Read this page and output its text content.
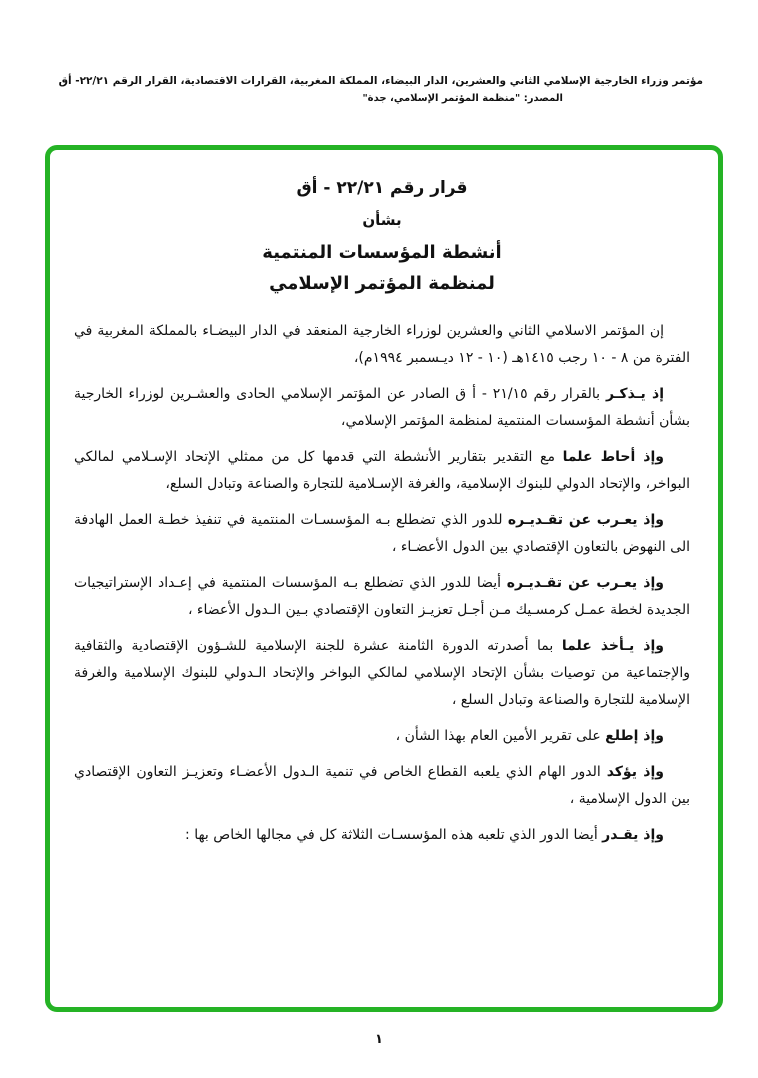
مؤتمر وزراء الخارجية الإسلامي الثاني والعشرين، الدار البيضاء، المملكة المغربية، القرارات الاقتصادية، القرار الرقم ٢٢/٢١- أق
المصدر: "منظمة المؤتمر الإسلامي، جدة"
قرار رقم ٢٢/٢١ - أق
بشأن
أنشطة المؤسسات المنتمية
لمنظمة المؤتمر الإسلامي

إن المؤتمر الاسلامي الثاني والعشرين لوزراء الخارجية المنعقد في الدار البيضـاء بالمملكة المغربية في الفترة من ٨ - ١٠ رجب ١٤١٥هـ (١٠ - ١٢ ديـسمبر ١٩٩٤م)،

إذ يـذكـر بالقرار رقم ٢١/١٥ - أ ق الصادر عن المؤتمر الإسلامي الحادى والعشـرين لوزراء الخارجية بشأن أنشطة المؤسسات المنتمية لمنظمة المؤتمر الإسلامي،

وإذ أحاط علما مع التقدير بتقارير الأنشطة التي قدمها كل من ممثلي الإتحاد الإسـلامي لمالكي البواخر، والإتحاد الدولي للبنوك الإسلامية، والغرفة الإسـلامية للتجارة والصناعة وتبادل السلع،

وإذ يعـرب عن تقـديـره للدور الذي تضطلع بـه المؤسسـات المنتمية في تنفيذ خطـة العمل الهادفة الى النهوض بالتعاون الإقتصادي بين الدول الأعضـاء ،

وإذ يعـرب عن تقـديـره أيضا للدور الذي تضطلع بـه المؤسسات المنتمية في إعـداد الإستراتيجيات الجديدة لخطة عمـل كرمسـيك مـن أجـل تعزيـز التعاون الإقتصادي بـين الـدول الأعضاء ،

وإذ يـأخذ علما بما أصدرته الدورة الثامنة عشرة للجنة الإسلامية للشـؤون الإقتصادية والثقافية والإجتماعية من توصيات بشأن الإتحاد الإسلامي لمالكي البواخر والإتحاد الـدولي للبنوك الإسلامية والغرفة الإسلامية للتجارة والصناعة وتبادل السلع ،

وإذ إطلع على تقرير الأمين العام بهذا الشأن ،

وإذ يؤكد الدور الهام الذي يلعبه القطاع الخاص في تنمية الـدول الأعضـاء وتعزيـز التعاون الإقتصادي بين الدول الإسلامية ،

وإذ يقـدر أيضا الدور الذي تلعبه هذه المؤسسـات الثلاثة كل في مجالها الخاص بها :

١
